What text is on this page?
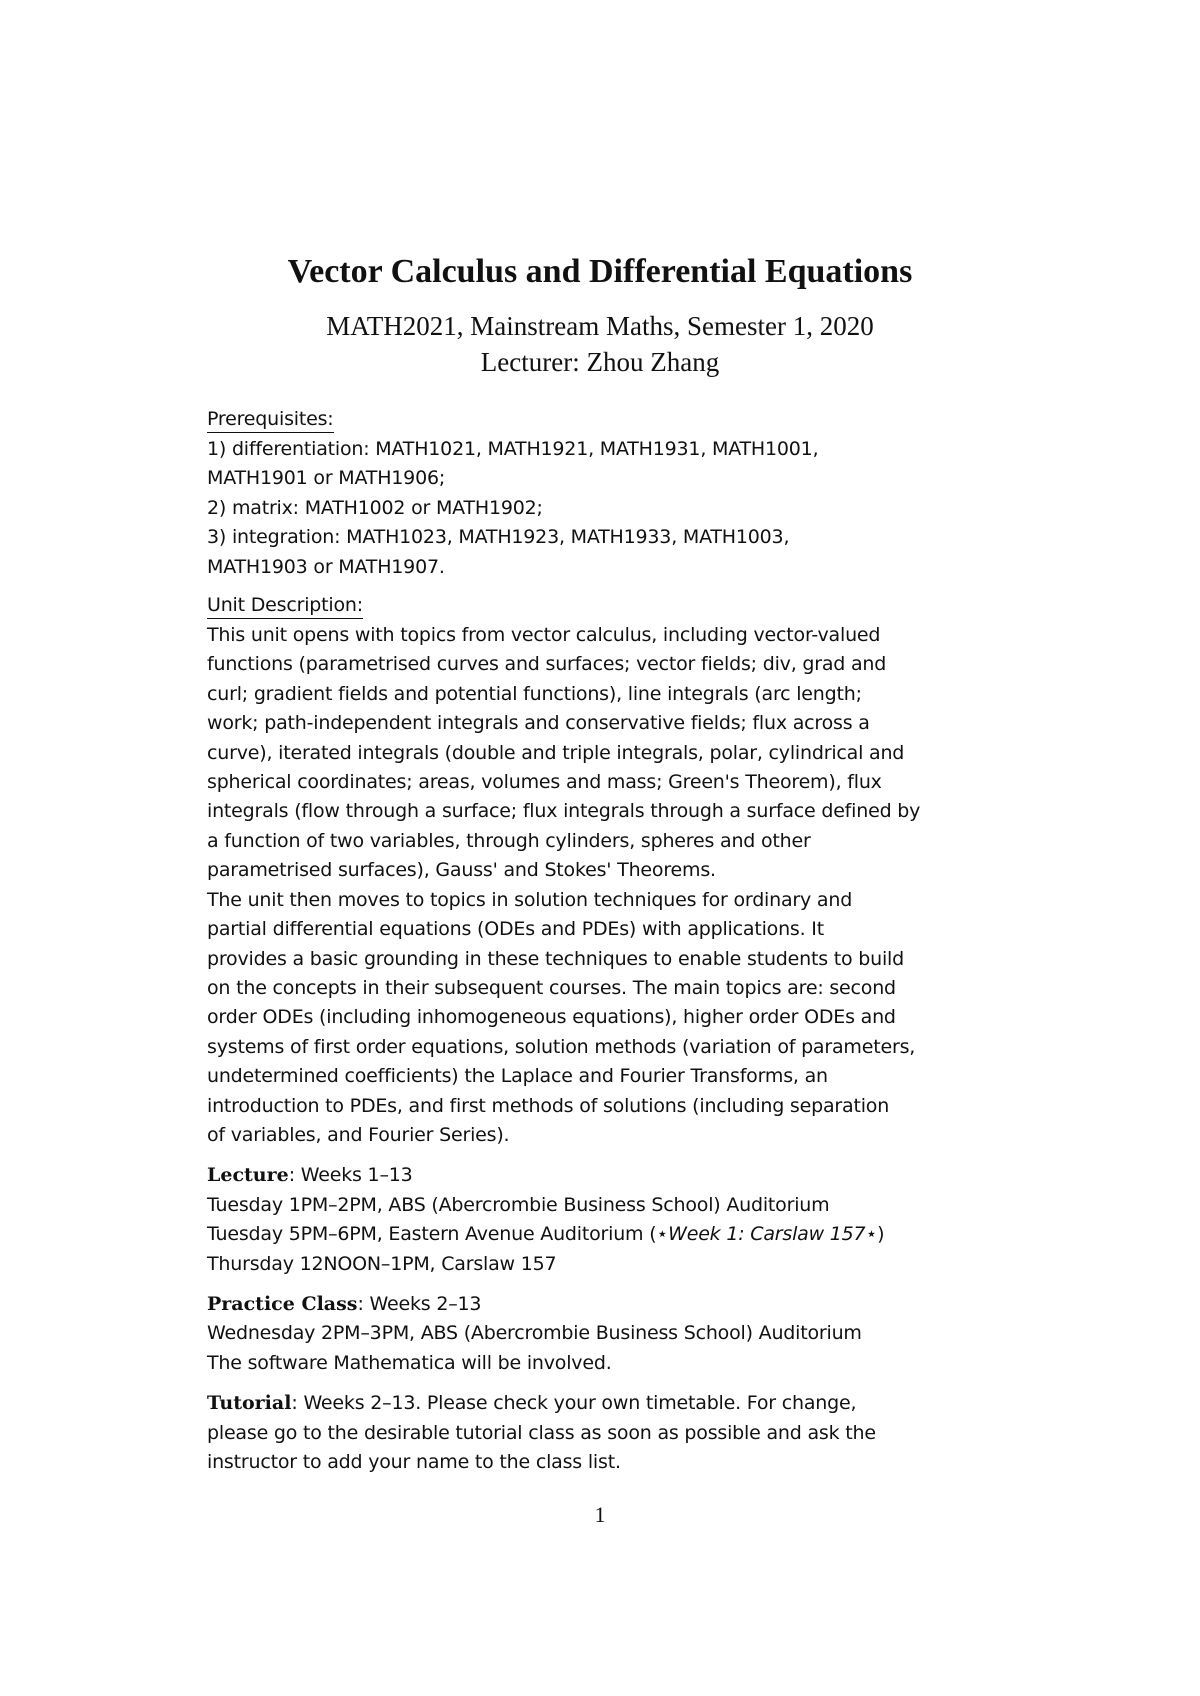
Vector Calculus and Differential Equations
MATH2021, Mainstream Maths, Semester 1, 2020
Lecturer: Zhou Zhang
Prerequisites:
1) differentiation: MATH1021, MATH1921, MATH1931, MATH1001,
MATH1901 or MATH1906;
2) matrix: MATH1002 or MATH1902;
3) integration: MATH1023, MATH1923, MATH1933, MATH1003,
MATH1903 or MATH1907.
Unit Description:
This unit opens with topics from vector calculus, including vector-valued
functions (parametrised curves and surfaces; vector fields; div, grad and
curl; gradient fields and potential functions), line integrals (arc length;
work; path-independent integrals and conservative fields; flux across a
curve), iterated integrals (double and triple integrals, polar, cylindrical and
spherical coordinates; areas, volumes and mass; Green's Theorem), flux
integrals (flow through a surface; flux integrals through a surface defined by
a function of two variables, through cylinders, spheres and other
parametrised surfaces), Gauss' and Stokes' Theorems.
The unit then moves to topics in solution techniques for ordinary and
partial differential equations (ODEs and PDEs) with applications. It
provides a basic grounding in these techniques to enable students to build
on the concepts in their subsequent courses. The main topics are: second
order ODEs (including inhomogeneous equations), higher order ODEs and
systems of first order equations, solution methods (variation of parameters,
undetermined coefficients) the Laplace and Fourier Transforms, an
introduction to PDEs, and first methods of solutions (including separation
of variables, and Fourier Series).
Lecture: Weeks 1–13
Tuesday 1PM–2PM, ABS (Abercrombie Business School) Auditorium
Tuesday 5PM–6PM, Eastern Avenue Auditorium (⋆Week 1: Carslaw 157⋆)
Thursday 12NOON–1PM, Carslaw 157
Practice Class: Weeks 2–13
Wednesday 2PM–3PM, ABS (Abercrombie Business School) Auditorium
The software Mathematica will be involved.
Tutorial: Weeks 2–13. Please check your own timetable. For change,
please go to the desirable tutorial class as soon as possible and ask the
instructor to add your name to the class list.
1
